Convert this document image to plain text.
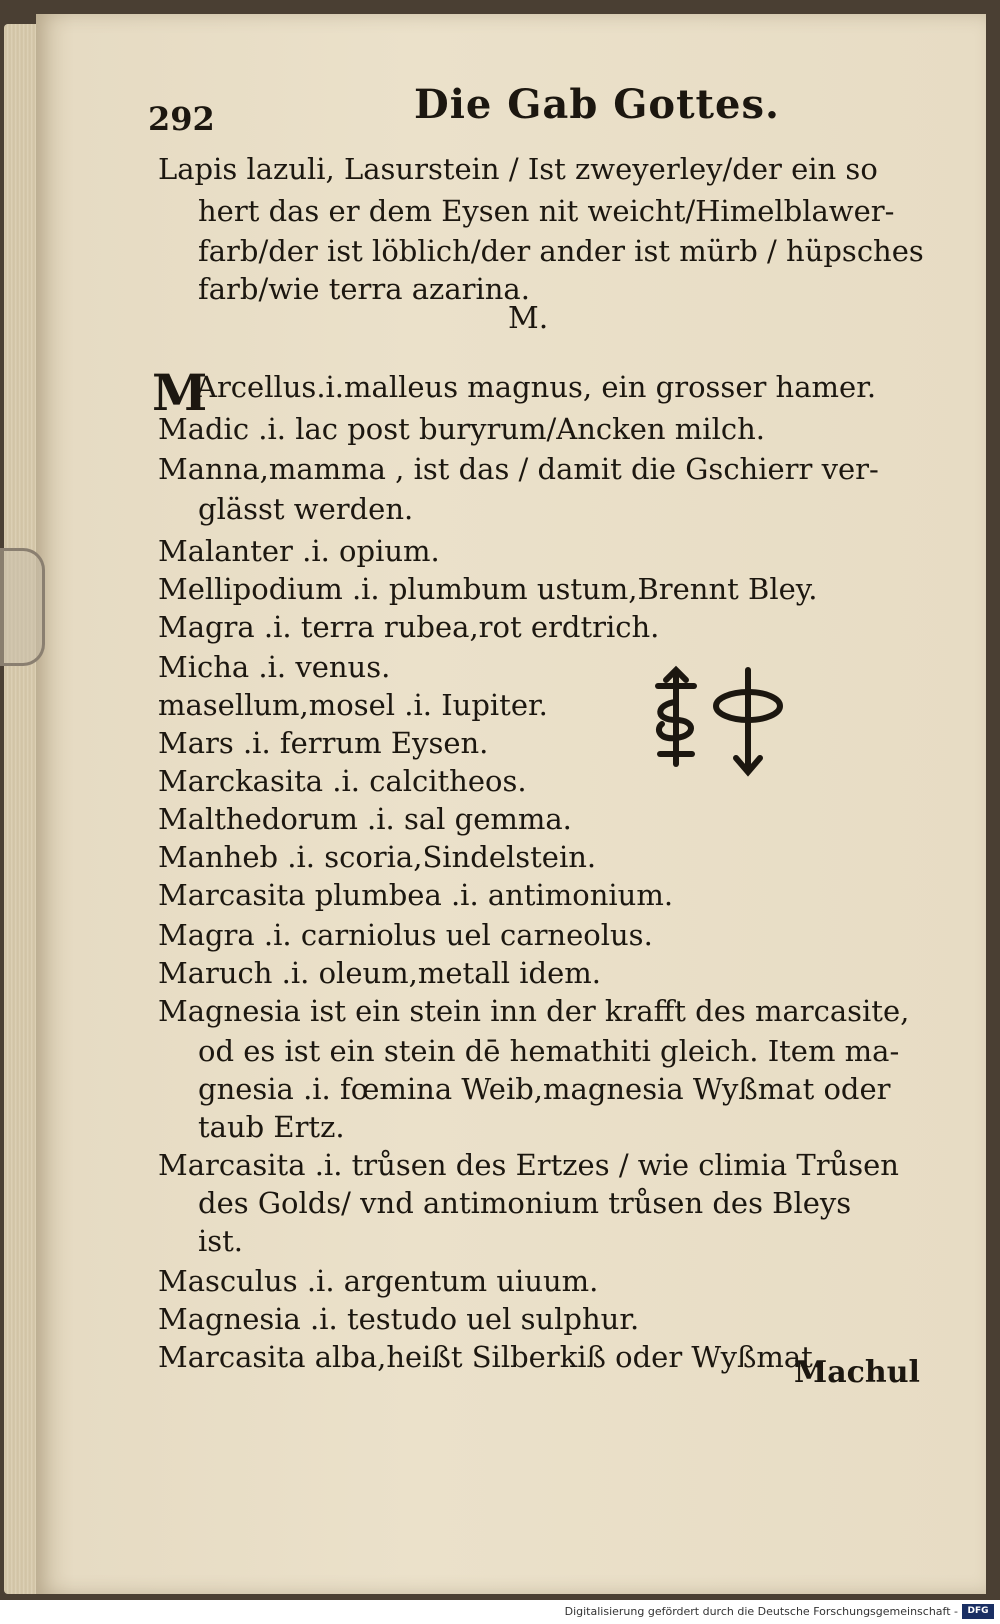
292	Die Gab Gottes.
Lapis lazuli, Lasurstein / Ist zweyerley/der ein so
hert das er dem Eysen nit weicht/Himelblawer-
farb/der ist löblich/der ander ist mürb / hüpsches
farb/wie terra azarina.
M.
M
Arcellus.i.malleus magnus, ein grosser hamer.
Madic .i. lac post buryrum/Ancken milch.
Manna,mamma , ist das / damit die Gschierr ver-
glässt werden.
Malanter .i. opium.
Mellipodium .i. plumbum ustum,Brennt Bley.
Magra .i. terra rubea,rot erdtrich.
Micha .i. venus.
masellum,mosel .i. Iupiter.
Mars .i. ferrum Eysen.
Marckasita .i. calcitheos.
Malthedorum .i. sal gemma.
Manheb .i. scoria,Sindelstein.
Marcasita plumbea .i. antimonium.
Magra .i. carniolus uel carneolus.
Maruch .i. oleum,metall idem.
Magnesia ist ein stein inn der krafft des marcasite,
od es ist ein stein dē hemathiti gleich. Item ma-
gnesia .i. fœmina Weib,magnesia Wyßmat oder
taub Ertz.
Marcasita .i. trůsen des Ertzes / wie climia Trůsen
des Golds/ vnd antimonium trůsen des Bleys
ist.
Masculus .i. argentum uiuum.
Magnesia .i. testudo uel sulphur.
Marcasita alba,heißt Silberkiß oder Wyßmat.
Machul
Digitalisierung gefördert durch die Deutsche Forschungsgemeinschaft -	DFG
